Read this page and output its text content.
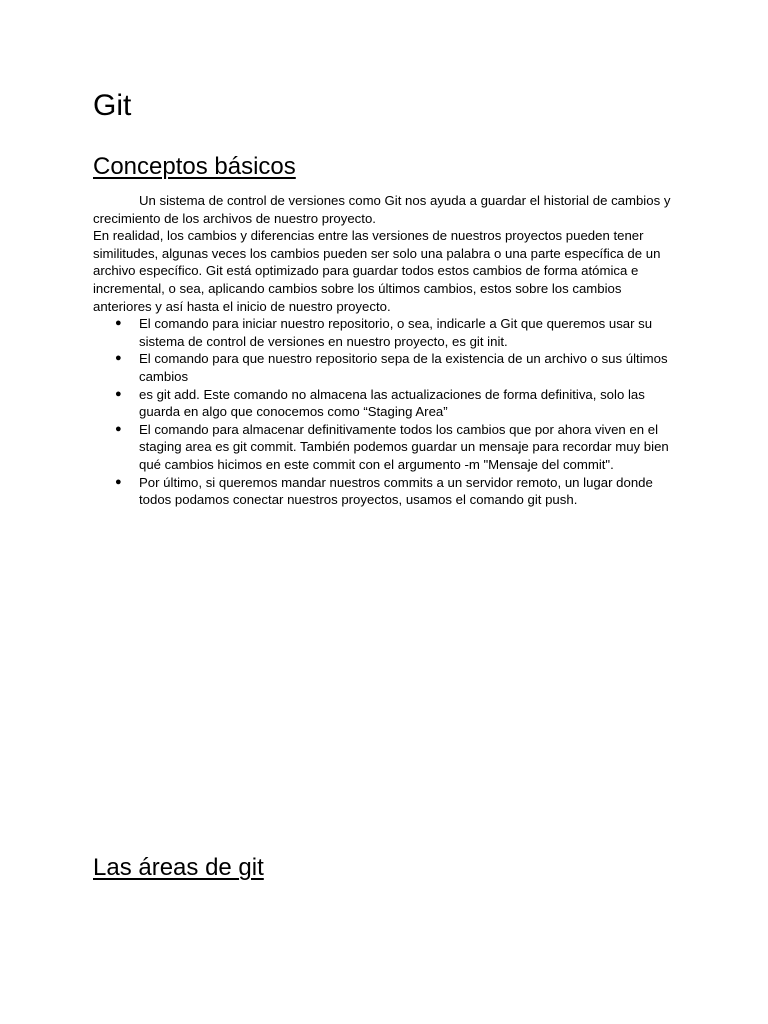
Git
Conceptos básicos

Un sistema de control de versiones como Git nos ayuda a guardar el historial de cambios y crecimiento de los archivos de nuestro proyecto.

En realidad, los cambios y diferencias entre las versiones de nuestros proyectos pueden tener similitudes, algunas veces los cambios pueden ser solo una palabra o una parte específica de un archivo específico. Git está optimizado para guardar todos estos cambios de forma atómica e incremental, o sea, aplicando cambios sobre los últimos cambios, estos sobre los cambios anteriores y así hasta el inicio de nuestro proyecto.

● El comando para iniciar nuestro repositorio, o sea, indicarle a Git que queremos usar su sistema de control de versiones en nuestro proyecto, es git init.
● El comando para que nuestro repositorio sepa de la existencia de un archivo o sus últimos cambios
● es git add. Este comando no almacena las actualizaciones de forma definitiva, solo las guarda en algo que conocemos como “Staging Area”
● El comando para almacenar definitivamente todos los cambios que por ahora viven en el staging area es git commit. También podemos guardar un mensaje para recordar muy bien qué cambios hicimos en este commit con el argumento -m "Mensaje del commit".
● Por último, si queremos mandar nuestros commits a un servidor remoto, un lugar donde todos podamos conectar nuestros proyectos, usamos el comando git push.
Las áreas de git
